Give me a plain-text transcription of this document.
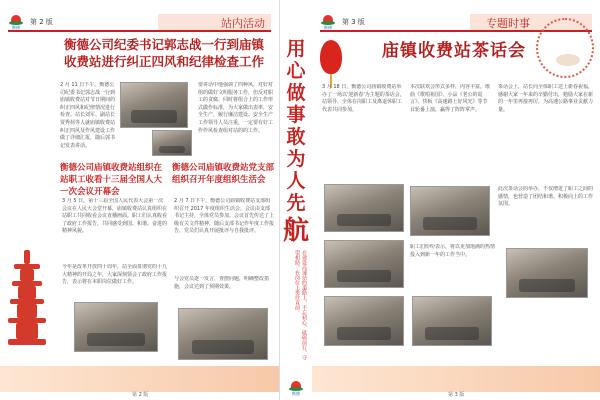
衡德
第 2 版	站内活动
衡德公司纪委书记郭志战一行到庙镇收费站进行纠正四风和纪律检查工作
2 月 11 日下午，衡德公司纪委书记郭志战一行到庙镇收费站对节日期间的纠正四风和纪律情况进行检查。站长刘军、副站长贾秀荷等人就庙镇收费站纠正四风及作风建设工作做了详细汇报，随后郭书记发表讲话。
要讲话中他强调了四种风，对好对组的做好文明服务工作，但反对职工的贪腐、同时将组合上的工作形式做作标准，为大家做出表率，安全生产，履行廉洁建设。安全生产工作领导人员注重，一定要有好工作作风检查组对站的的工作。
衡德公司庙镇收费站组织在站职工收看十三届全国人大一次会议开幕会
衡德公司庙镇收费站党支部组织召开年度组织生活会
3 月 5 日，第十三届全国人民代表大会第一次会议在人民大会堂开幕，庙镇收费站认真组织在站职工共同收看会议直播画面。职工们认真收看了政府工作报告，共同感受到国、和谐、奋进的精神风貌。
今年是改革开放四十周年，站全面贯彻党的十九大精神的开局之年，大家深刻领会了政府工作报告，表示将在本职岗位做好工作。
2 月 7 日下午，衡德公司庙镇收费站支部组织召开 2017 年度组织生活会。会议由支部书记主持，全体党员参加。会议首先传达了上级有关文件精神，随后支部书记作年度工作报告，党员们认真开展批评与自我批评。
与会党员逐一发言，查摆问题，明确整改措施，会议达到了预期效果。
第 2 版
用心做事敢为人先
航
在建设高速站的道路上，不忘初心，砥砺前行，守望相助，在岗位上勇往直前。
衡德
衡德
第 3 版	专题时事
庙镇收费站茶话会
3 月 18 日，衡德公司庙镇收费站举办了一场以'迎新春'为主题的茶话会，站领导、全体在岗职工及离退休职工代表共同参加。
本次联欢会形式多样，内容丰富，歌曲《歌唱祖国》、小品《老公的谎言》、快板《高速路上好风光》等节目轮番上演，赢得了阵阵掌声。
茶话会上，站长向全体职工送上新春祝福，感谢大家一年来的辛勤付出，勉励大家在新的一年里再接再厉，为高速公路事业贡献力量。
此次茶话会的举办，不仅增进了职工之间的感情，也营造了团结和谐、积极向上的工作氛围。
职工们纷纷表示，将以更加饱满的热情投入到新一年的工作当中。
第 3 版
